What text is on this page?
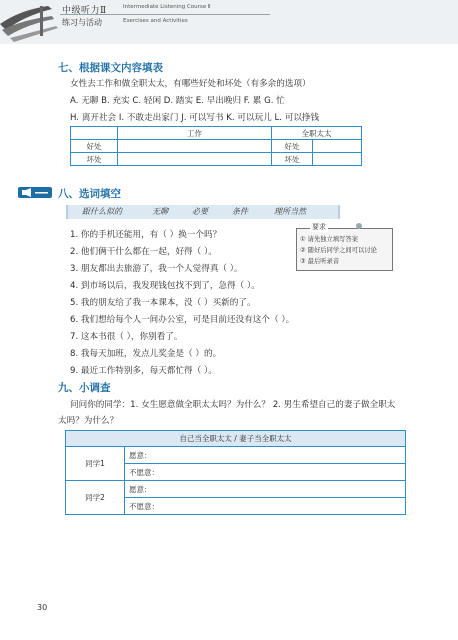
中级听力Ⅱ	Intermediate Listening Course Ⅱ
练习与活动	Exercises and Activities
七、根据课文内容填表
女性去工作和做全职太太，有哪些好处和坏处（有多余的选项）
A. 无聊 B. 充实 C. 轻闲 D. 踏实 E. 早出晚归 F. 累 G. 忙
H. 离开社会 I. 不敢走出家门 J. 可以写书 K. 可以玩儿 L. 可以挣钱
	工作	全职太太	
好处		好处	
坏处		坏处	
八、选词填空
跟什么似的	无聊	必要	条件	理所当然
1. 你的手机还能用，有（ ）换一个吗？
2. 他们俩干什么都在一起，好得（ ）。
3. 朋友都出去旅游了，我一个人觉得真（ ）。
4. 到市场以后，我发现钱包找不到了，急得（ ）。
5. 我的朋友给了我一本课本，没（ ）买新的了。
6. 我们想给每个人一间办公室，可是目前还没有这个（ ）。
7. 这本书很（ ），你别看了。
8. 我每天加班，发点儿奖金是（ ）的。
9. 最近工作特别多，每天都忙得（ ）。
要求
① 请先独立填写答案
② 随好后同学之间可以讨论
③ 最后听录音
九、小调查
问问你的同学：1. 女生愿意做全职太太吗？为什么？ 2. 男生希望自己的妻子做全职太
太吗？为什么？
自己当全职太太 / 妻子当全职太太	
同学1	愿意：
	不愿意：
同学2	愿意：
	不愿意：
30
